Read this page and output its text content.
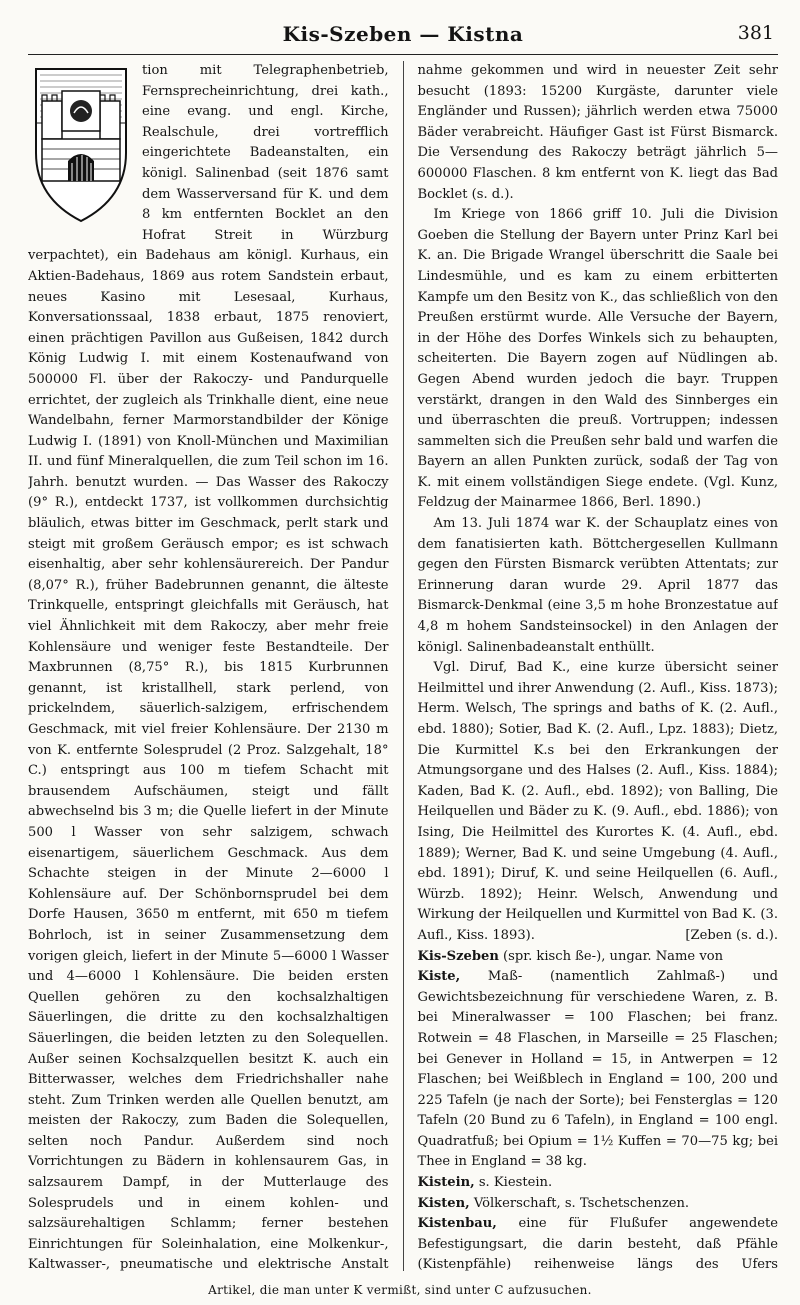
Kis-Szeben — Kistna	381

tion mit Telegraphenbetrieb, Fernsprecheinrichtung, drei kath., eine evang. und engl. Kirche, Realschule, drei vortrefflich eingerichtete Badeanstalten, ein königl. Salinenbad (seit 1876 samt dem Wasserversand für K. und dem 8 km entfernten Bocklet an den Hofrat Streit in Würzburg verpachtet), ein Badehaus am königl. Kurhaus, ein Aktien-Badehaus, 1869 aus rotem Sandstein erbaut, neues Kasino mit Lesesaal, Kurhaus, Konversationssaal, 1838 erbaut, 1875 renoviert, einen prächtigen Pavillon aus Gußeisen, 1842 durch König Ludwig I. mit einem Kostenaufwand von 500000 Fl. über der Rakoczy- und Pandurquelle errichtet, der zugleich als Trinkhalle dient, eine neue Wandelbahn, ferner Marmorstandbilder der Könige Ludwig I. (1891) von Knoll-München und Maximilian II. und fünf Mineralquellen, die zum Teil schon im 16. Jahrh. benutzt wurden. — Das Wasser des Rakoczy (9° R.), entdeckt 1737, ist vollkommen durchsichtig bläulich, etwas bitter im Geschmack, perlt stark und steigt mit großem Geräusch empor; es ist schwach eisenhaltig, aber sehr kohlensäurereich. Der Pandur (8,07° R.), früher Badebrunnen genannt, die älteste Trinkquelle, entspringt gleichfalls mit Geräusch, hat viel Ähnlichkeit mit dem Rakoczy, aber mehr freie Kohlensäure und weniger feste Bestandteile. Der Maxbrunnen (8,75° R.), bis 1815 Kurbrunnen genannt, ist kristallhell, stark perlend, von prickelndem, säuerlich-salzigem, erfrischendem Geschmack, mit viel freier Kohlensäure. Der 2130 m von K. entfernte Solesprudel (2 Proz. Salzgehalt, 18° C.) entspringt aus 100 m tiefem Schacht mit brausendem Aufschäumen, steigt und fällt abwechselnd bis 3 m; die Quelle liefert in der Minute 500 l Wasser von sehr salzigem, schwach eisenartigem, säuerlichem Geschmack. Aus dem Schachte steigen in der Minute 2—6000 l Kohlensäure auf. Der Schönbornsprudel bei dem Dorfe Hausen, 3650 m entfernt, mit 650 m tiefem Bohrloch, ist in seiner Zusammensetzung dem vorigen gleich, liefert in der Minute 5—6000 l Wasser und 4—6000 l Kohlensäure. Die beiden ersten Quellen gehören zu den kochsalzhaltigen Säuerlingen, die dritte zu den kochsalzhaltigen Säuerlingen, die beiden letzten zu den Solequellen. Außer seinen Kochsalzquellen besitzt K. auch ein Bitterwasser, welches dem Friedrichshaller nahe steht. Zum Trinken werden alle Quellen benutzt, am meisten der Rakoczy, zum Baden die Solequellen, selten noch Pandur. Außerdem sind noch Vorrichtungen zu Bädern in kohlensaurem Gas, in salzsaurem Dampf, in der Mutterlauge des Solesprudels und in einem kohlen- und salzsäurehaltigen Schlamm; ferner bestehen Einrichtungen für Soleinhalation, eine Molkenkur-, Kaltwasser-, pneumatische und elektrische Anstalt

nahme gekommen und wird in neuester Zeit sehr besucht (1893: 15200 Kurgäste, darunter viele Engländer und Russen); jährlich werden etwa 75000 Bäder verabreicht. Häufiger Gast ist Fürst Bismarck. Die Versendung des Rakoczy beträgt jährlich 5—600000 Flaschen. 8 km entfernt von K. liegt das Bad Bocklet (s. d.).

Im Kriege von 1866 griff 10. Juli die Division Goeben die Stellung der Bayern unter Prinz Karl bei K. an. Die Brigade Wrangel überschritt die Saale bei Lindesmühle, und es kam zu einem erbitterten Kampfe um den Besitz von K., das schließlich von den Preußen erstürmt wurde. Alle Versuche der Bayern, in der Höhe des Dorfes Winkels sich zu behaupten, scheiterten. Die Bayern zogen auf Nüdlingen ab. Gegen Abend wurden jedoch die bayr. Truppen verstärkt, drangen in den Wald des Sinnberges ein und überraschten die preuß. Vortruppen; indessen sammelten sich die Preußen sehr bald und warfen die Bayern an allen Punkten zurück, sodaß der Tag von K. mit einem vollständigen Siege endete. (Vgl. Kunz, Feldzug der Mainarmee 1866, Berl. 1890.)

Am 13. Juli 1874 war K. der Schauplatz eines von dem fanatisierten kath. Böttchergesellen Kullmann gegen den Fürsten Bismarck verübten Attentats; zur Erinnerung daran wurde 29. April 1877 das Bismarck-Denkmal (eine 3,5 m hohe Bronzestatue auf 4,8 m hohem Sandsteinsockel) in den Anlagen der königl. Salinenbadeanstalt enthüllt.

Vgl. Diruf, Bad K., eine kurze übersicht seiner Heilmittel und ihrer Anwendung (2. Aufl., Kiss. 1873); Herm. Welsch, The springs and baths of K. (2. Aufl., ebd. 1880); Sotier, Bad K. (2. Aufl., Lpz. 1883); Dietz, Die Kurmittel K.s bei den Erkrankungen der Atmungsorgane und des Halses (2. Aufl., Kiss. 1884); Kaden, Bad K. (2. Aufl., ebd. 1892); von Balling, Die Heilquellen und Bäder zu K. (9. Aufl., ebd. 1886); von Ising, Die Heilmittel des Kurortes K. (4. Aufl., ebd. 1889); Werner, Bad K. und seine Umgebung (4. Aufl., ebd. 1891); Diruf, K. und seine Heilquellen (6. Aufl., Würzb. 1892); Heinr. Welsch, Anwendung und Wirkung der Heilquellen und Kurmittel von Bad K. (3. Aufl., Kiss. 1893).	[Zeben (s. d.).

Kis-Szeben (spr. kisch ße-), ungar. Name von

Kiste, Maß- (namentlich Zahlmaß-) und Gewichtsbezeichnung für verschiedene Waren, z. B. bei Mineralwasser = 100 Flaschen; bei franz. Rotwein = 48 Flaschen, in Marseille = 25 Flaschen; bei Genever in Holland = 15, in Antwerpen = 12 Flaschen; bei Weißblech in England = 100, 200 und 225 Tafeln (je nach der Sorte); bei Fensterglas = 120 Tafeln (20 Bund zu 6 Tafeln), in England = 100 engl. Quadratfuß; bei Opium = 1½ Kuffen = 70—75 kg; bei Thee in England = 38 kg.

Kistein, s. Kiestein.

Kisten, Völkerschaft, s. Tschetschenzen.

Kistenbau, eine für Flußufer angewendete Befestigungsart, die darin besteht, daß Pfähle (Kistenpfähle) reihenweise längs des Ufers

Artikel, die man unter K vermißt, sind unter C aufzusuchen.
